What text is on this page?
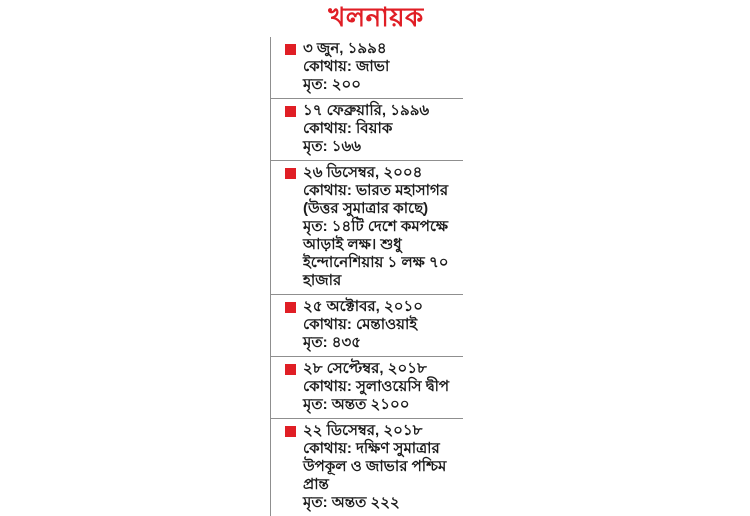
খলনায়ক
৩ জুন, ১৯৯৪
কোথায়: জাভা
মৃত: ২০০
১৭ ফেব্রুয়ারি, ১৯৯৬
কোথায়: বিয়াক
মৃত: ১৬৬
২৬ ডিসেম্বর, ২০০৪
কোথায়: ভারত মহাসাগর (উত্তর সুমাত্রার কাছে)
মৃত: ১৪টি দেশে কমপক্ষে আড়াই লক্ষ। শুধু ইন্দোনেশিয়ায় ১ লক্ষ ৭০ হাজার
২৫ অক্টোবর, ২০১০
কোথায়: মেন্তাওয়াই
মৃত: ৪৩৫
২৮ সেপ্টেম্বর, ২০১৮
কোথায়: সুলাওয়েসি দ্বীপ
মৃত: অন্তত ২১০০
২২ ডিসেম্বর, ২০১৮
কোথায়: দক্ষিণ সুমাত্রার উপকূল ও জাভার পশ্চিম প্রান্ত
মৃত: অন্তত ২২২
